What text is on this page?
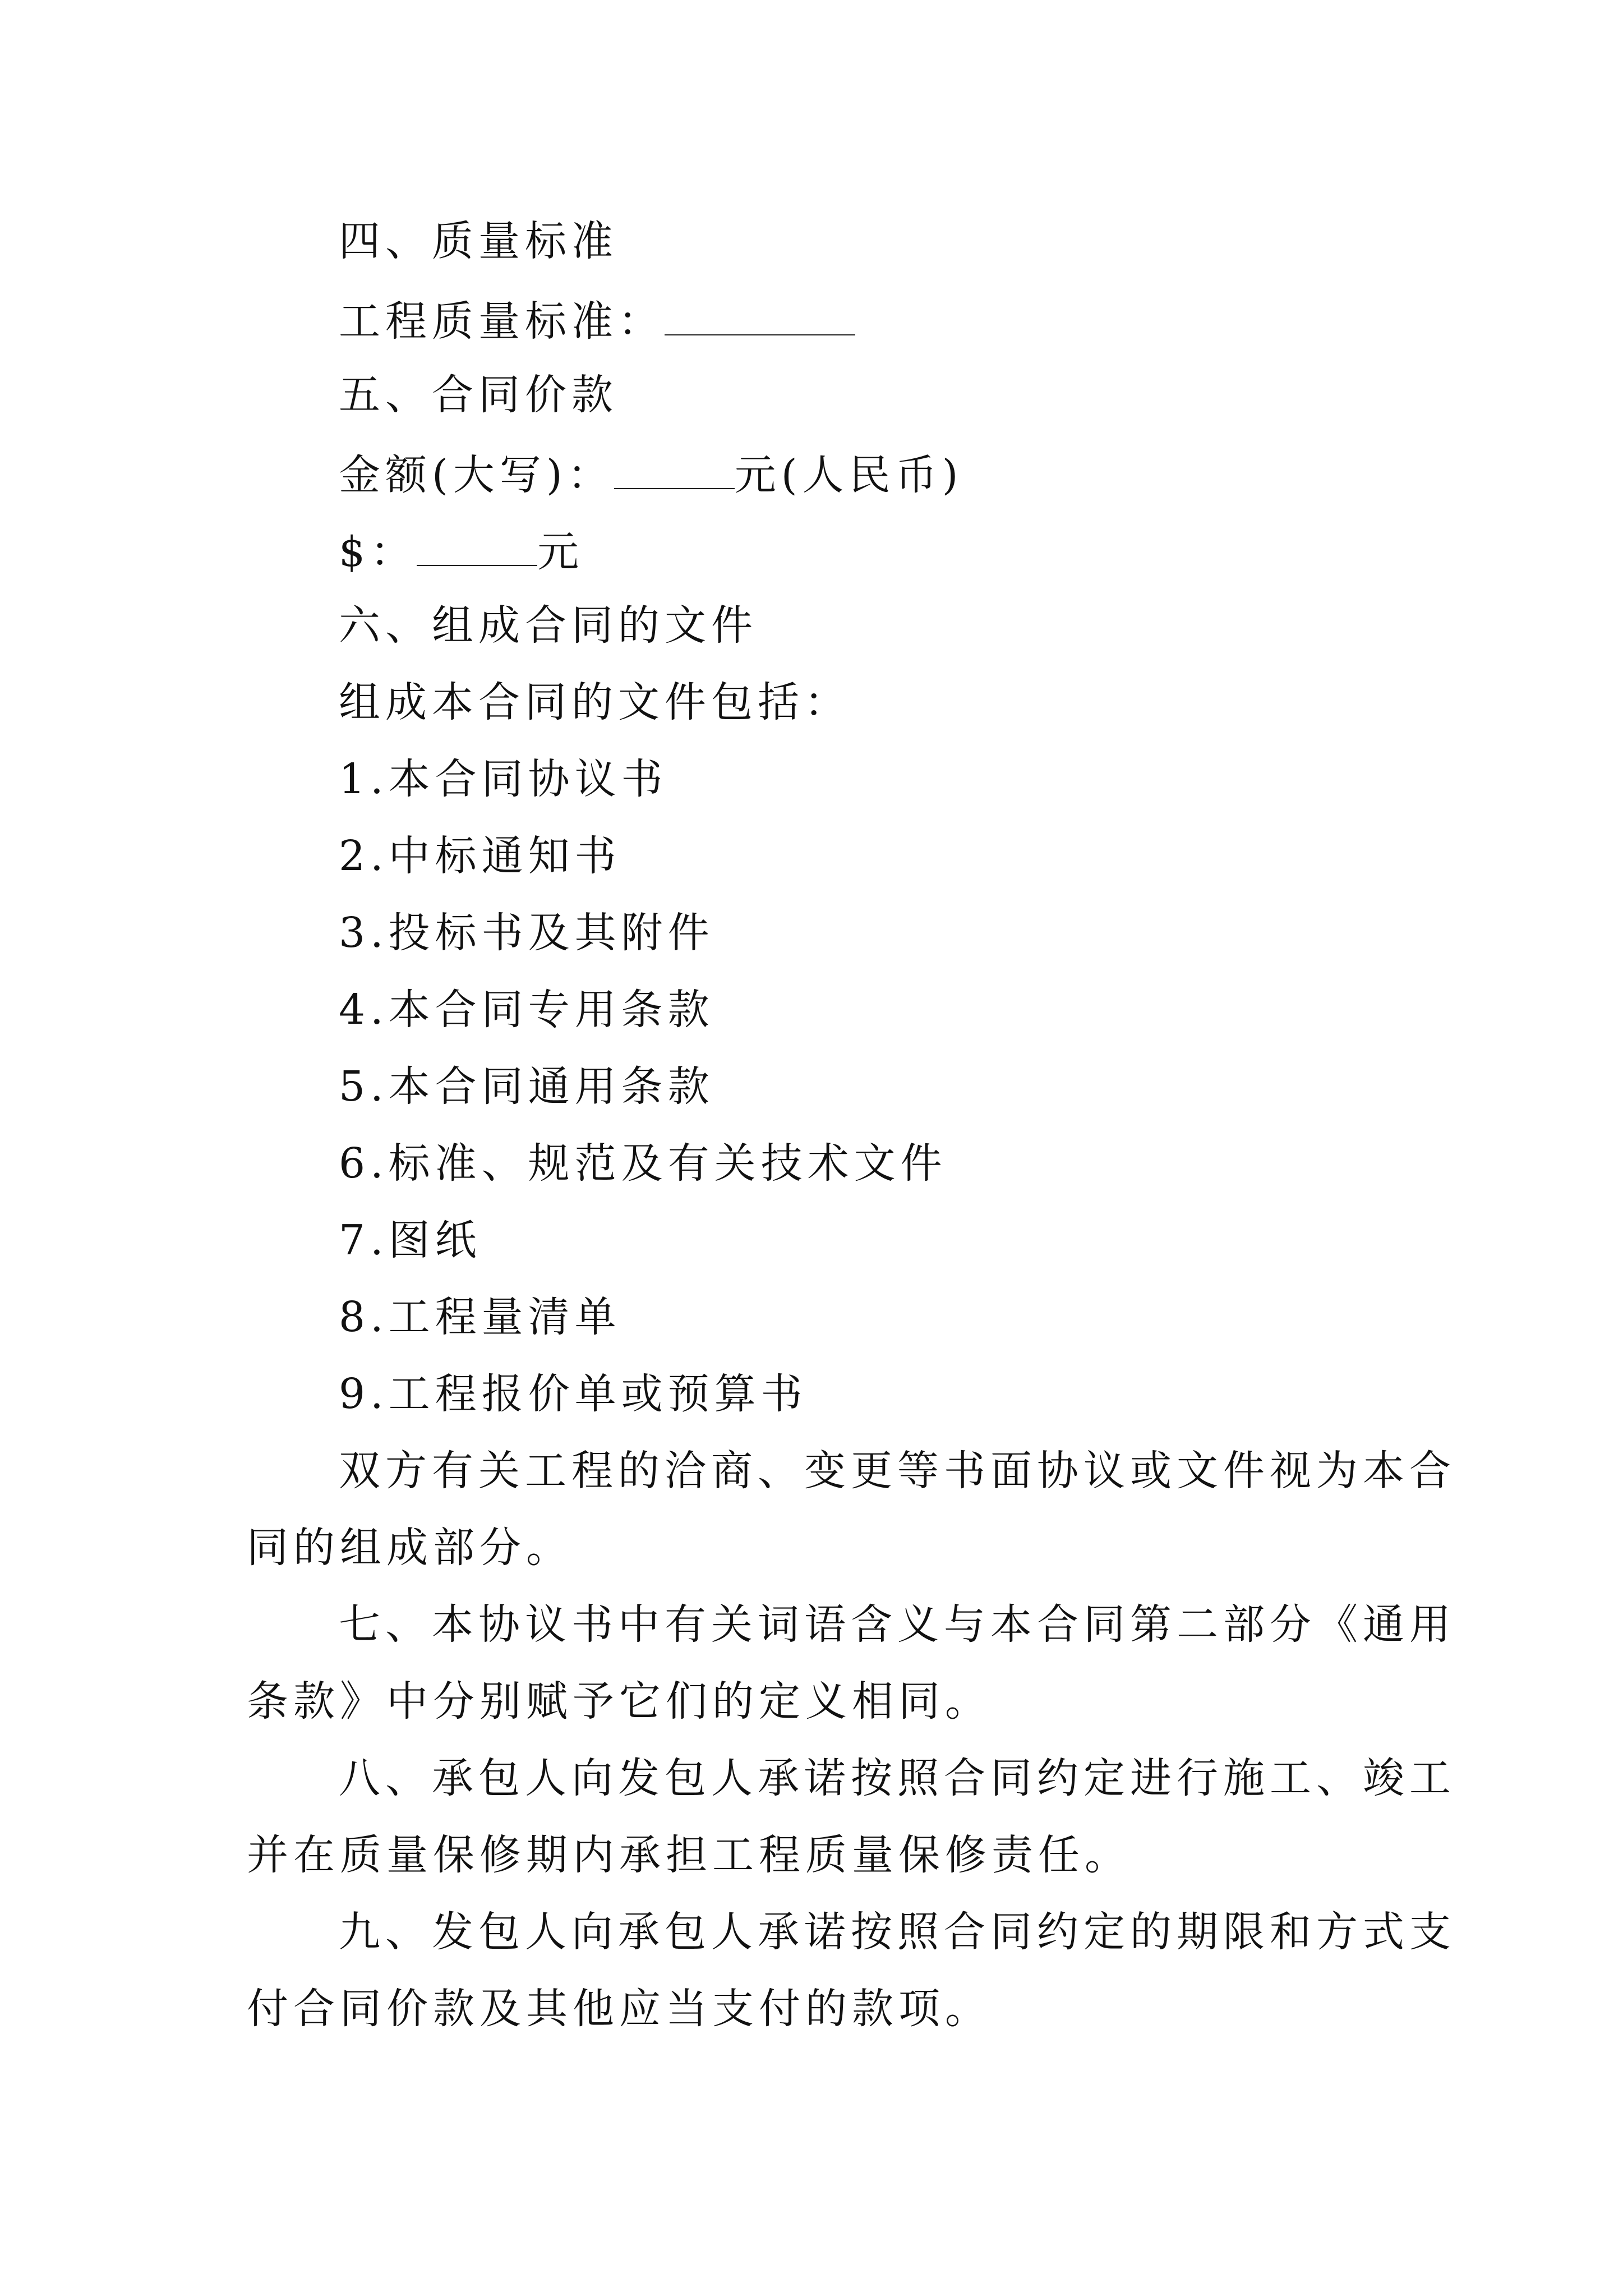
四、质量标准
工程质量标准：
五、合同价款
金额(大写)：	元(人民币)
$：	元
六、组成合同的文件
组成本合同的文件包括：
1.本合同协议书
2.中标通知书
3.投标书及其附件
4.本合同专用条款
5.本合同通用条款
6.标准、规范及有关技术文件
7.图纸
8.工程量清单
9.工程报价单或预算书
双方有关工程的洽商、变更等书面协议或文件视为本合
同的组成部分。
七、本协议书中有关词语含义与本合同第二部分《通用
条款》中分别赋予它们的定义相同。
八、承包人向发包人承诺按照合同约定进行施工、竣工
并在质量保修期内承担工程质量保修责任。
九、发包人向承包人承诺按照合同约定的期限和方式支
付合同价款及其他应当支付的款项。
